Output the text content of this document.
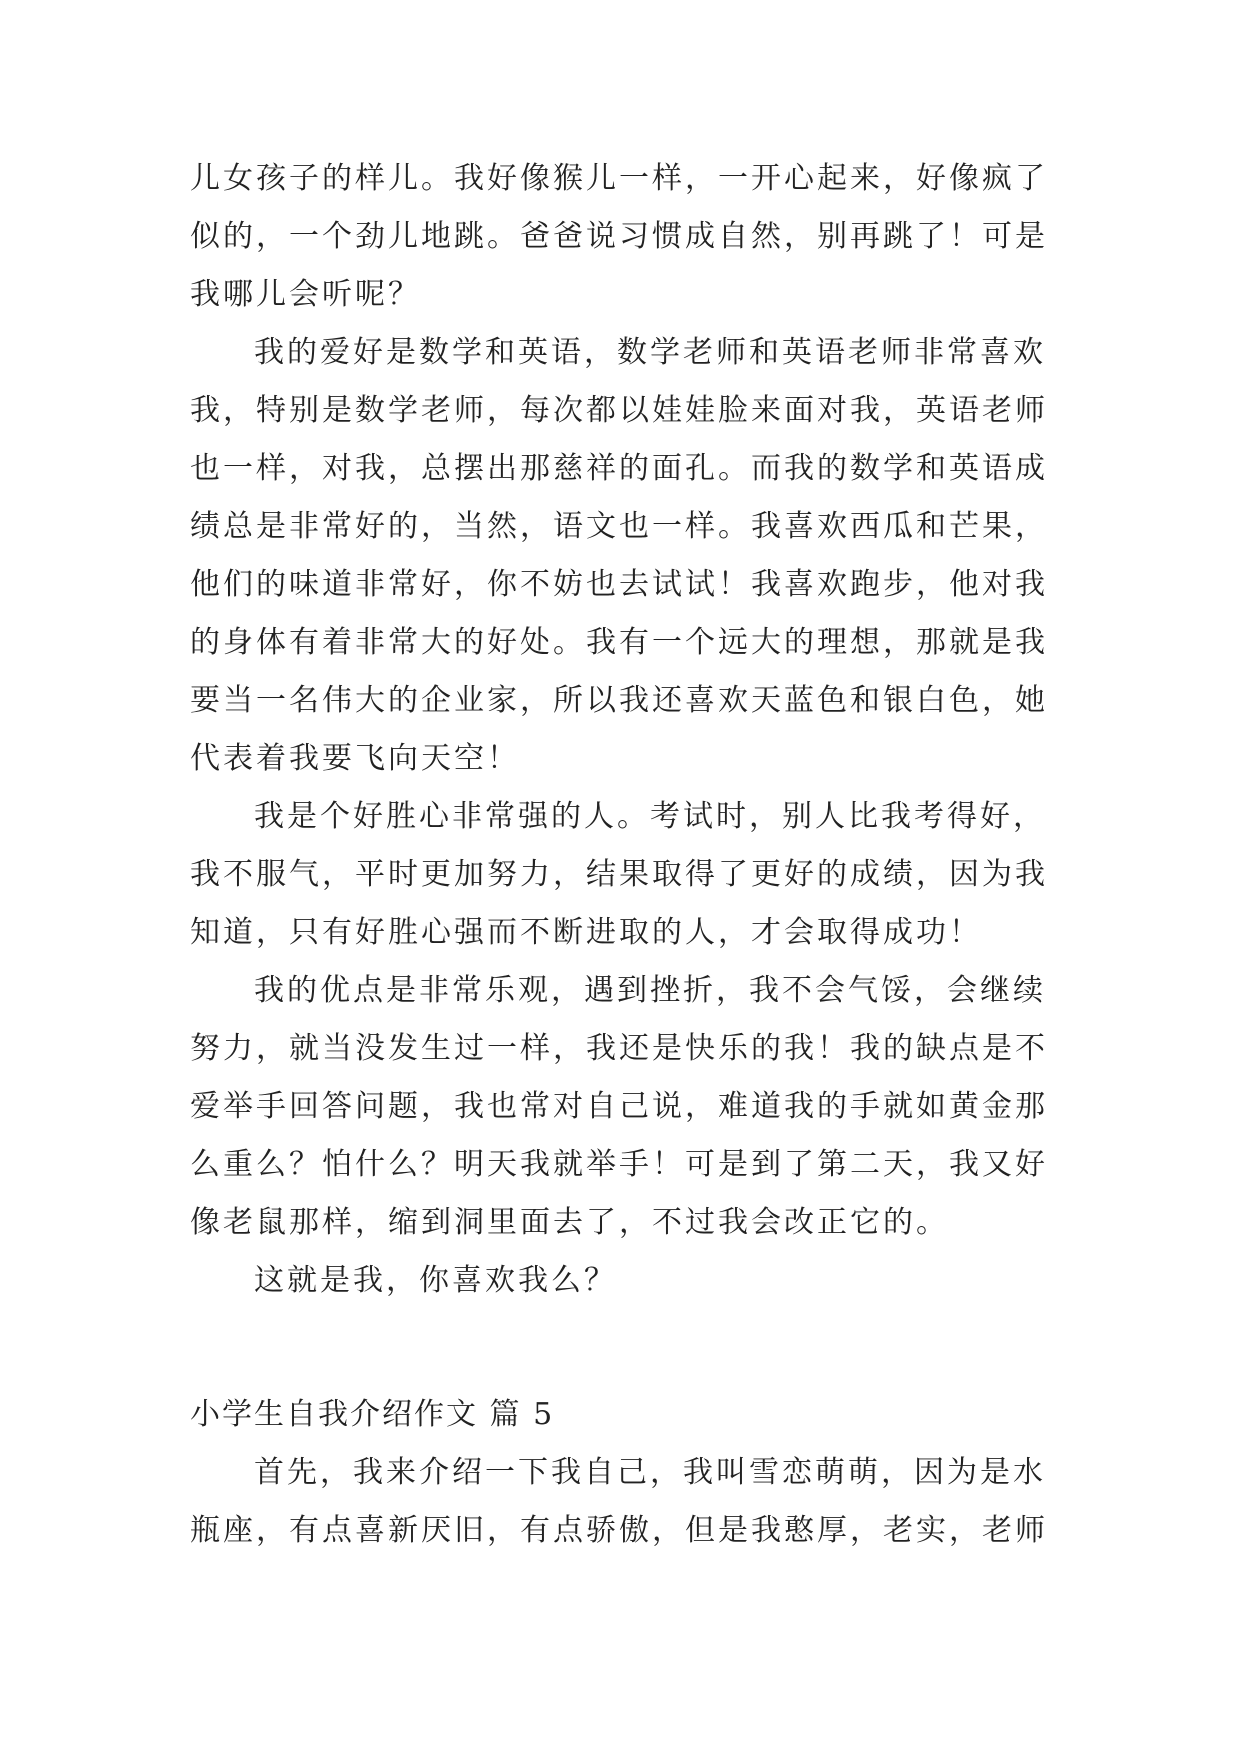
儿女孩子的样儿。我好像猴儿一样，一开心起来，好像疯了似的，一个劲儿地跳。爸爸说习惯成自然，别再跳了！可是我哪儿会听呢？

我的爱好是数学和英语，数学老师和英语老师非常喜欢我，特别是数学老师，每次都以娃娃脸来面对我，英语老师也一样，对我，总摆出那慈祥的面孔。而我的数学和英语成绩总是非常好的，当然，语文也一样。我喜欢西瓜和芒果，他们的味道非常好，你不妨也去试试！我喜欢跑步，他对我的身体有着非常大的好处。我有一个远大的理想，那就是我要当一名伟大的企业家，所以我还喜欢天蓝色和银白色，她代表着我要飞向天空！

我是个好胜心非常强的人。考试时，别人比我考得好，我不服气，平时更加努力，结果取得了更好的成绩，因为我知道，只有好胜心强而不断进取的人，才会取得成功！

我的优点是非常乐观，遇到挫折，我不会气馁，会继续努力，就当没发生过一样，我还是快乐的我！我的缺点是不爱举手回答问题，我也常对自己说，难道我的手就如黄金那么重么？怕什么？明天我就举手！可是到了第二天，我又好像老鼠那样，缩到洞里面去了，不过我会改正它的。

这就是我，你喜欢我么？

小学生自我介绍作文 篇 5

首先，我来介绍一下我自己，我叫雪恋萌萌，因为是水瓶座，有点喜新厌旧，有点骄傲，但是我憨厚，老实，老师
